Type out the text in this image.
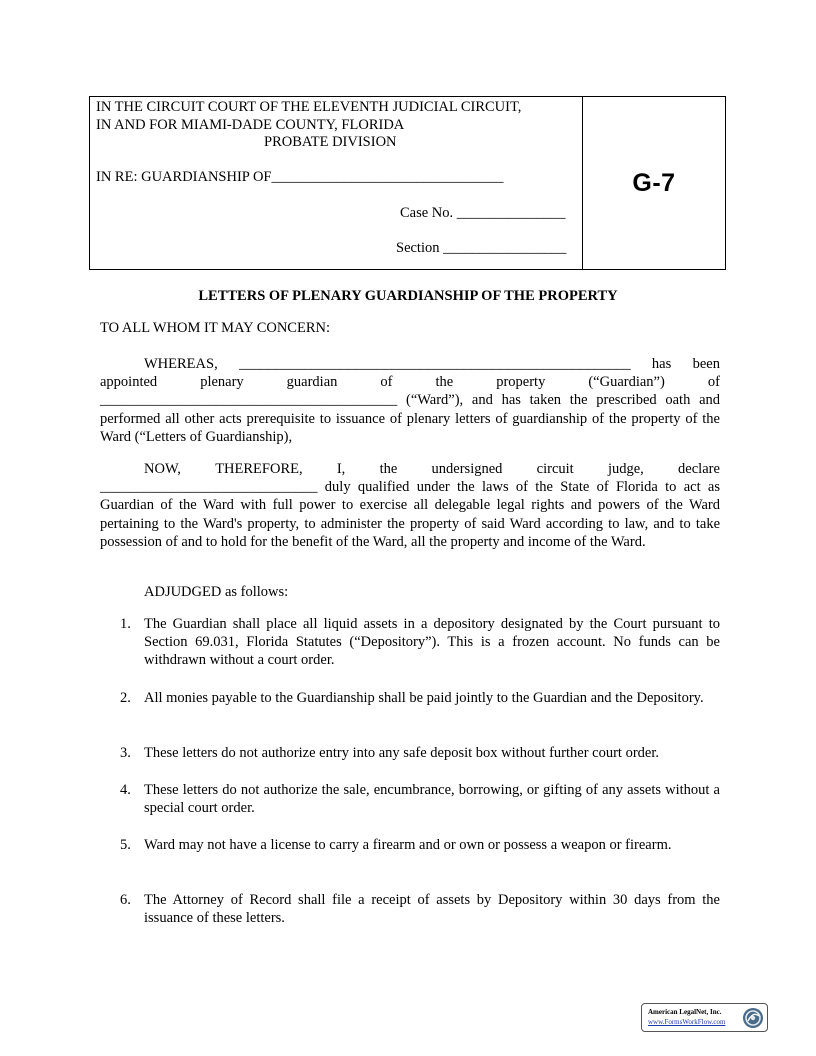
IN THE CIRCUIT COURT OF THE ELEVENTH JUDICIAL CIRCUIT,
IN AND FOR MIAMI-DADE COUNTY, FLORIDA
PROBATE DIVISION
IN RE: GUARDIANSHIP OF________________________________
Case No. _______________
Section _________________
G-7
LETTERS OF PLENARY GUARDIANSHIP OF THE PROPERTY
TO ALL WHOM IT MAY CONCERN:
WHEREAS, ______________________________________________________ has been
appointed	plenary	guardian	of	the	property	(“Guardian”)	of
_________________________________________ (“Ward”), and has taken the prescribed oath and performed all other acts prerequisite to issuance of plenary letters of guardianship of the property of the Ward (“Letters of Guardianship),
NOW, THEREFORE, I, the undersigned circuit judge, declare
______________________________ duly qualified under the laws of the State of Florida to act as Guardian of the Ward with full power to exercise all delegable legal rights and powers of the Ward pertaining to the Ward's property, to administer the property of said Ward according to law, and to take possession of and to hold for the benefit of the Ward, all the property and income of the Ward.
ADJUDGED as follows:
1. The Guardian shall place all liquid assets in a depository designated by the Court pursuant to Section 69.031, Florida Statutes (“Depository”). This is a frozen account. No funds can be withdrawn without a court order.
2. All monies payable to the Guardianship shall be paid jointly to the Guardian and the Depository.
3. These letters do not authorize entry into any safe deposit box without further court order.
4. These letters do not authorize the sale, encumbrance, borrowing, or gifting of any assets without a special court order.
5. Ward may not have a license to carry a firearm and or own or possess a weapon or firearm.
6. The Attorney of Record shall file a receipt of assets by Depository within 30 days from the issuance of these letters.
American LegalNet, Inc.
www.FormsWorkFlow.com
